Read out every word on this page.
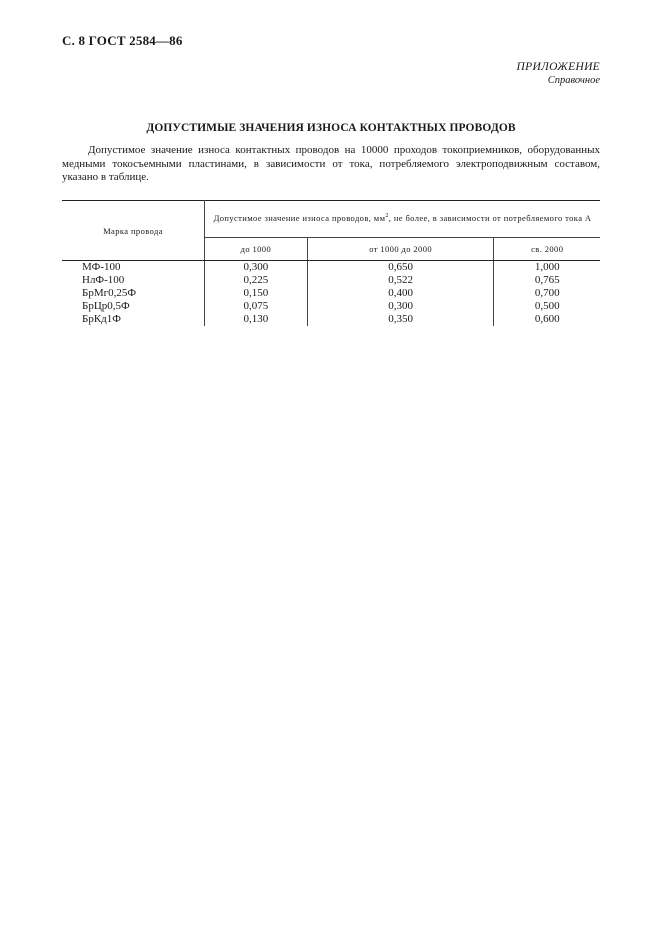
С. 8 ГОСТ 2584—86
ПРИЛОЖЕНИЕ
Справочное
ДОПУСТИМЫЕ ЗНАЧЕНИЯ ИЗНОСА КОНТАКТНЫХ ПРОВОДОВ

Допустимое значение износа контактных проводов на 10000 проходов токоприемников, оборудованных медными токосъемными пластинами, в зависимости от тока, потребляемого электроподвижным составом, указано в таблице.

Марка провода	Допустимое значение износа проводов, $мм^2$, не более, в зависимости от потребляемого тока А		
	до 1000	от 1000 до 2000	св. 2000
МФ-100	0,300	0,650	1,000
НлФ-100	0,225	0,522	0,765
БрМг0,25Ф	0,150	0,400	0,700
БрЦр0,5Ф	0,075	0,300	0,500
БрКд1Ф	0,130	0,350	0,600
